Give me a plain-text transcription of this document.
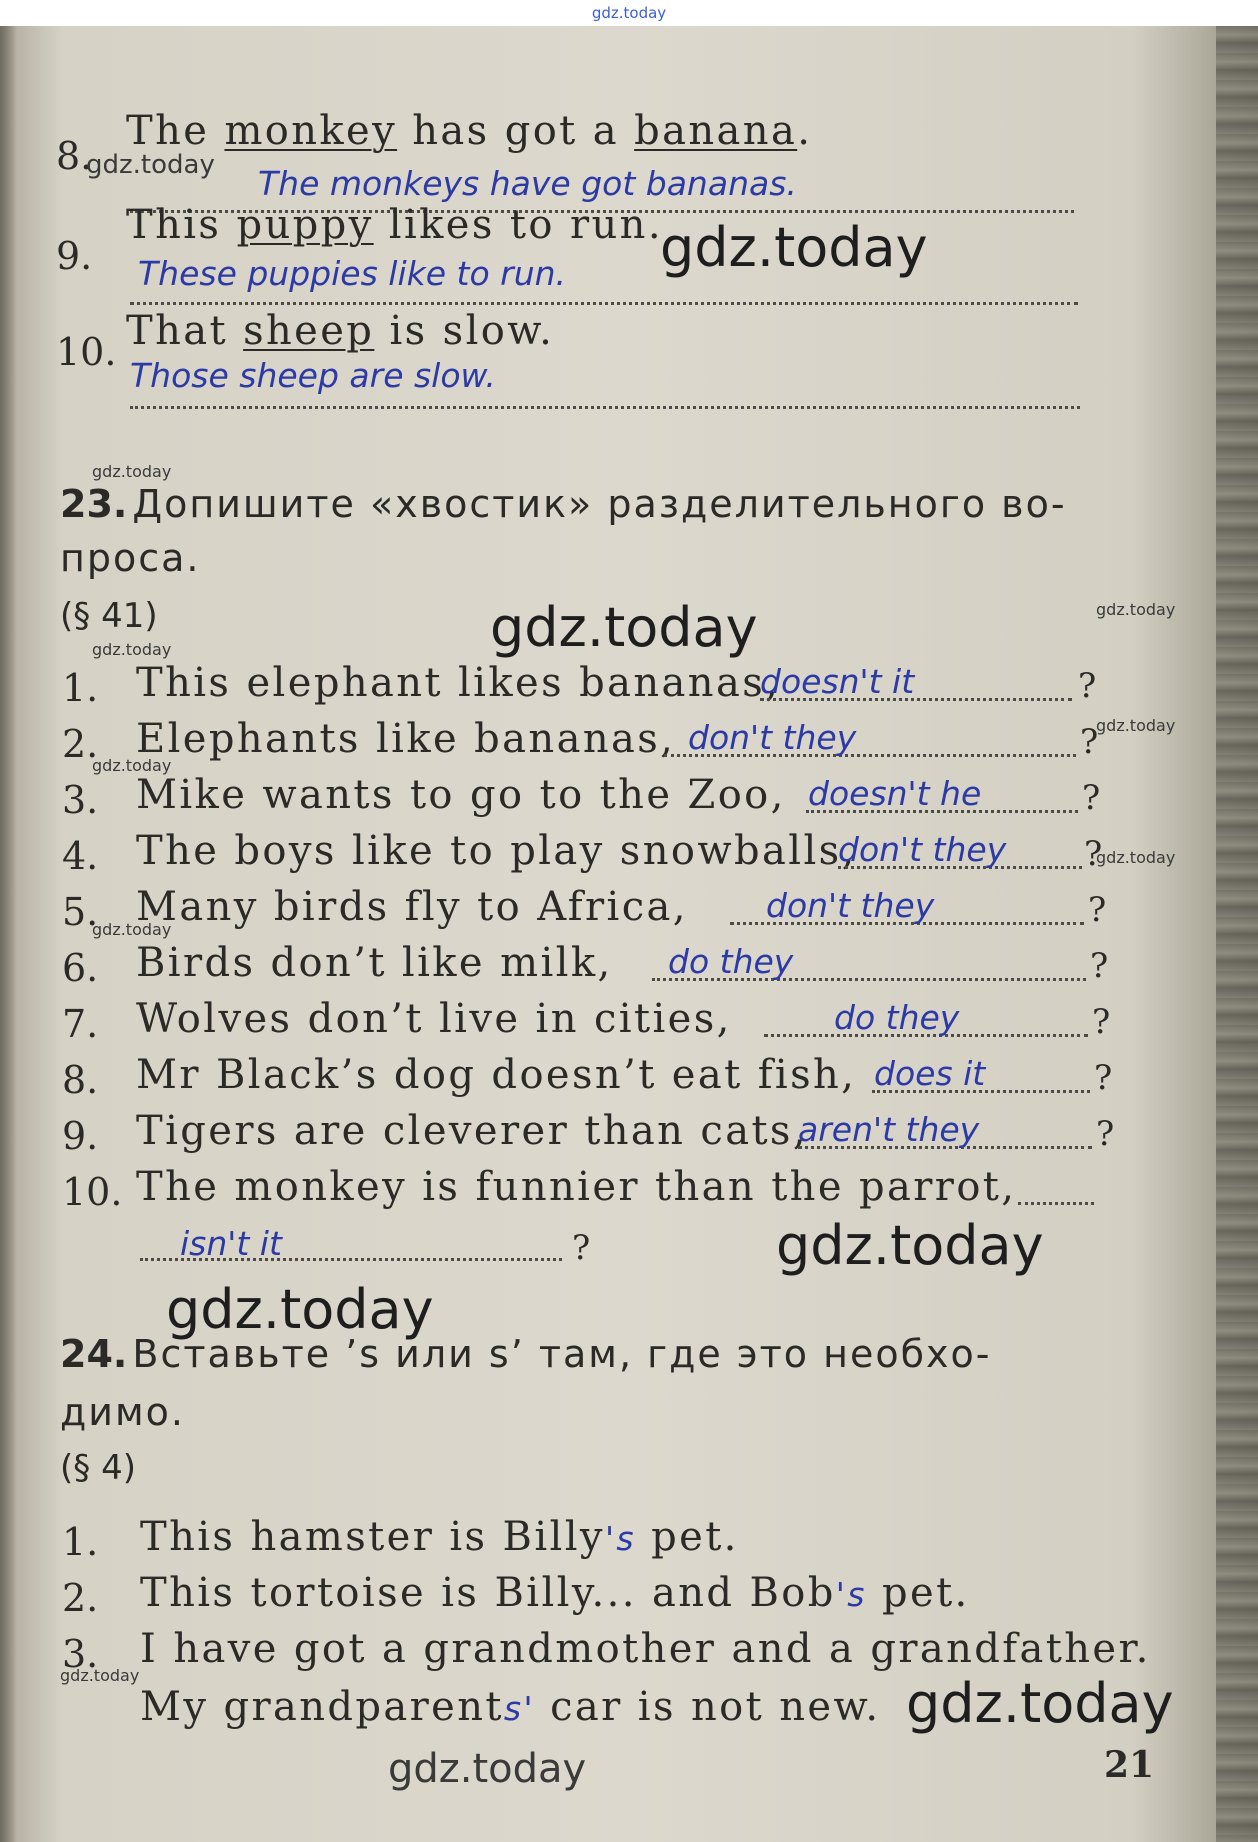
gdz.today
8.
The monkey has got a banana.
The monkeys have got bananas.
9.
This puppy likes to run.
These puppies like to run.
10. That sheep is slow.
Those sheep are slow.
23. Допишите «хвостик» разделительного во-
проса.
(§ 41)
1. This elephant likes bananas,
doesn't it	?
2. Elephants like bananas, don't they	?
3. Mike wants to go to the Zoo, doesn't he	?
4. The boys like to play snowballs,
don't they ?
5. Many birds fly to Africa, don't they	?
6. Birds don’t like milk, do they	?
7. Wolves don’t live in cities,	do they	?
8. Mr Black’s dog doesn’t eat fish, does it	?
9. Tigers are cleverer than cats,
aren't they	?
10. The monkey is funnier than the parrot,
isn't it	?
24. Вставьте ’s или s’ там, где это необхо-
димо.
(§ 4)
1. This hamster is Billy's pet.
2. This tortoise is Billy... and Bob's pet.
3. I have got a grandmother and a grandfather.
My grandparents' car is not new.
21
gdz.today
gdz.today
gdz.today
gdz.today	gdz.today
gdz.today
gdz.today
gdz.today
gdz.today
gdz.today
gdz.today
gdz.today
gdz.today	gdz.today
gdz.today
